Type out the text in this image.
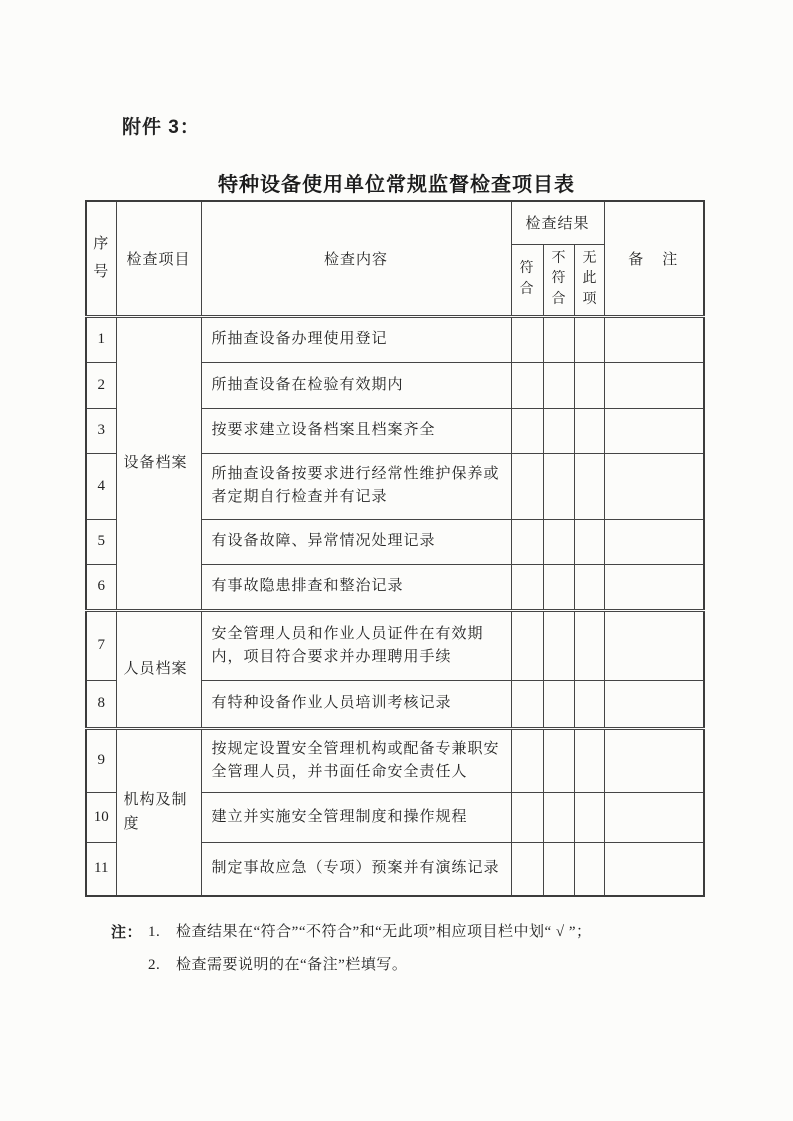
附件 3：
特种设备使用单位常规监督检查项目表
序号	检查项目	检查内容	检查结果			备　注
			符合	不符合	无此项	
1	设备档案	所抽查设备办理使用登记				
2		所抽查设备在检验有效期内				
3		按要求建立设备档案且档案齐全				
4		所抽查设备按要求进行经常性维护保养或者定期自行检查并有记录				
5		有设备故障、异常情况处理记录				
6		有事故隐患排查和整治记录				
7	人员档案	安全管理人员和作业人员证件在有效期内，项目符合要求并办理聘用手续				
8		有特种设备作业人员培训考核记录				
9	机构及制度	按规定设置安全管理机构或配备专兼职安全管理人员，并书面任命安全责任人				
10		建立并实施安全管理制度和操作规程				
11		制定事故应急（专项）预案并有演练记录				
注： 1.	检查结果在“符合”“不符合”和“无此项”相应项目栏中划“ √ ”；
2.	检查需要说明的在“备注”栏填写。
